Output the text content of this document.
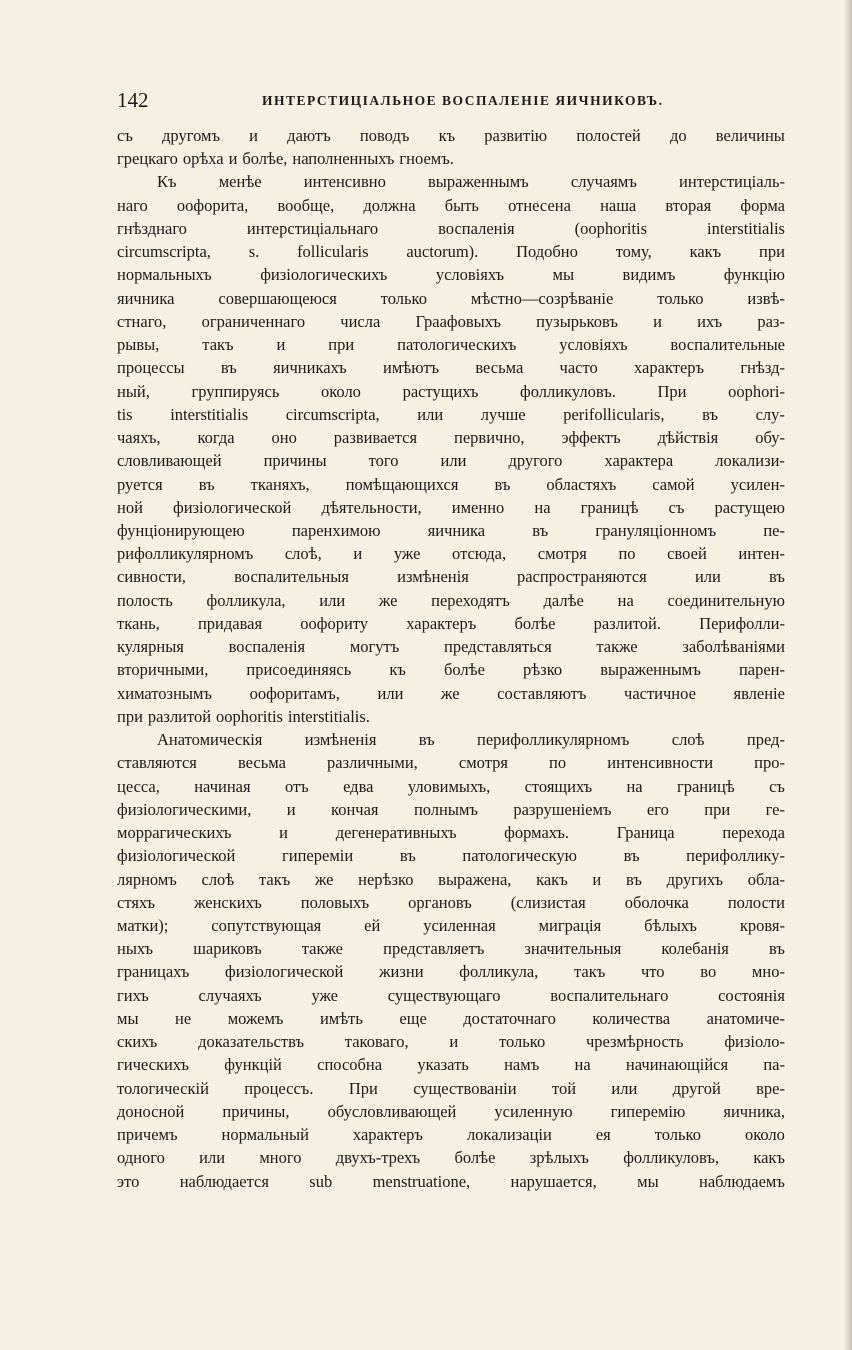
142	ИНТЕРСТИЦІАЛЬНОЕ ВОСПАЛЕНІЕ ЯИЧНИКОВЪ.
съ другомъ и даютъ поводъ къ развитію полостей до величины
грецкаго орѣха и болѣе, наполненныхъ гноемъ.
Къ	менѣе	интенсивно	выраженнымъ	случаямъ	интерстиціаль-
наго оофорита, вообще, должна быть отнесена наша вторая форма
гнѣзднаго	интерстиціальнаго	воспаленія	(oophoritis	interstitialis
circumscripta, s. follicularis auctorum). Подобно тому, какъ при
нормальныхъ	физіологическихъ	условіяхъ	мы	видимъ	функцію
яичника	совершающеюся	только	мѣстно—созрѣваніе	только	извѣ-
стнаго, ограниченнаго числа Граафовыхъ пузырьковъ и ихъ раз-
рывы,	такъ	и	при	патологическихъ	условіяхъ	воспалительные
процессы въ яичникахъ имѣютъ весьма часто характеръ гнѣзд-
ный,	группируясь	около	растущихъ	фолликуловъ.	При	oophori-
tis interstitialis circumscripta, или лучше perifollicularis, въ слу-
чаяхъ, когда оно развивается первично, эффектъ дѣйствія обу-
словливающей	причины	того	или	другого	характера	локализи-
руется въ тканяхъ, помѣщающихся въ областяхъ самой усилен-
ной физіологической дѣятельности, именно на границѣ съ растущею
фунціонирующею	паренхимою	яичника	въ	грануляціонномъ	пе-
рифолликулярномъ слоѣ, и уже отсюда, смотря по своей интен-
сивности,	воспалительныя	измѣненія	распространяются	или	въ
полость фолликула, или же переходятъ далѣе на соединительную
ткань, придавая оофориту характеръ болѣе разлитой. Перифолли-
кулярныя	воспаленія	могутъ	представляться	также	заболѣваніями
вторичными, присоединяясь къ болѣе рѣзко выраженнымъ парен-
химатознымъ оофоритамъ, или же составляютъ частичное явленіе
при разлитой oophoritis interstitialis.
Анатомическія	измѣненія	въ	перифолликулярномъ	слоѣ	пред-
ставляются весьма различными, смотря по интенсивности про-
цесса, начиная отъ едва уловимыхъ, стоящихъ на границѣ съ
физіологическими, и кончая полнымъ разрушеніемъ его при ге-
моррагическихъ	и	дегенеративныхъ	формахъ.	Граница	перехода
физіологической	гипереміи	въ	патологическую	въ	перифоллику-
лярномъ слоѣ такъ же нерѣзко выражена, какъ и въ другихъ обла-
стяхъ женскихъ половыхъ органовъ (слизистая оболочка полости
матки);	сопутствующая	ей	усиленная	миграція	бѣлыхъ	кровя-
ныхъ шариковъ также представляетъ значительныя колебанія въ
границахъ физіологической жизни фолликула, такъ что во мно-
гихъ	случаяхъ	уже	существующаго	воспалительнаго	состоянія
мы не можемъ имѣть еще достаточнаго количества анатомиче-
скихъ доказательствъ таковаго, и только чрезмѣрность физіоло-
гическихъ функцій способна указать намъ на начинающійся па-
тологическій процессъ. При существованіи той или другой вре-
доносной причины, обусловливающей усиленную гиперемію яичника,
причемъ	нормальный	характеръ	локализаціи	ея	только	около
одного или много двухъ-трехъ болѣе зрѣлыхъ фолликуловъ, какъ
это наблюдается sub menstruatione, нарушается, мы наблюдаемъ
